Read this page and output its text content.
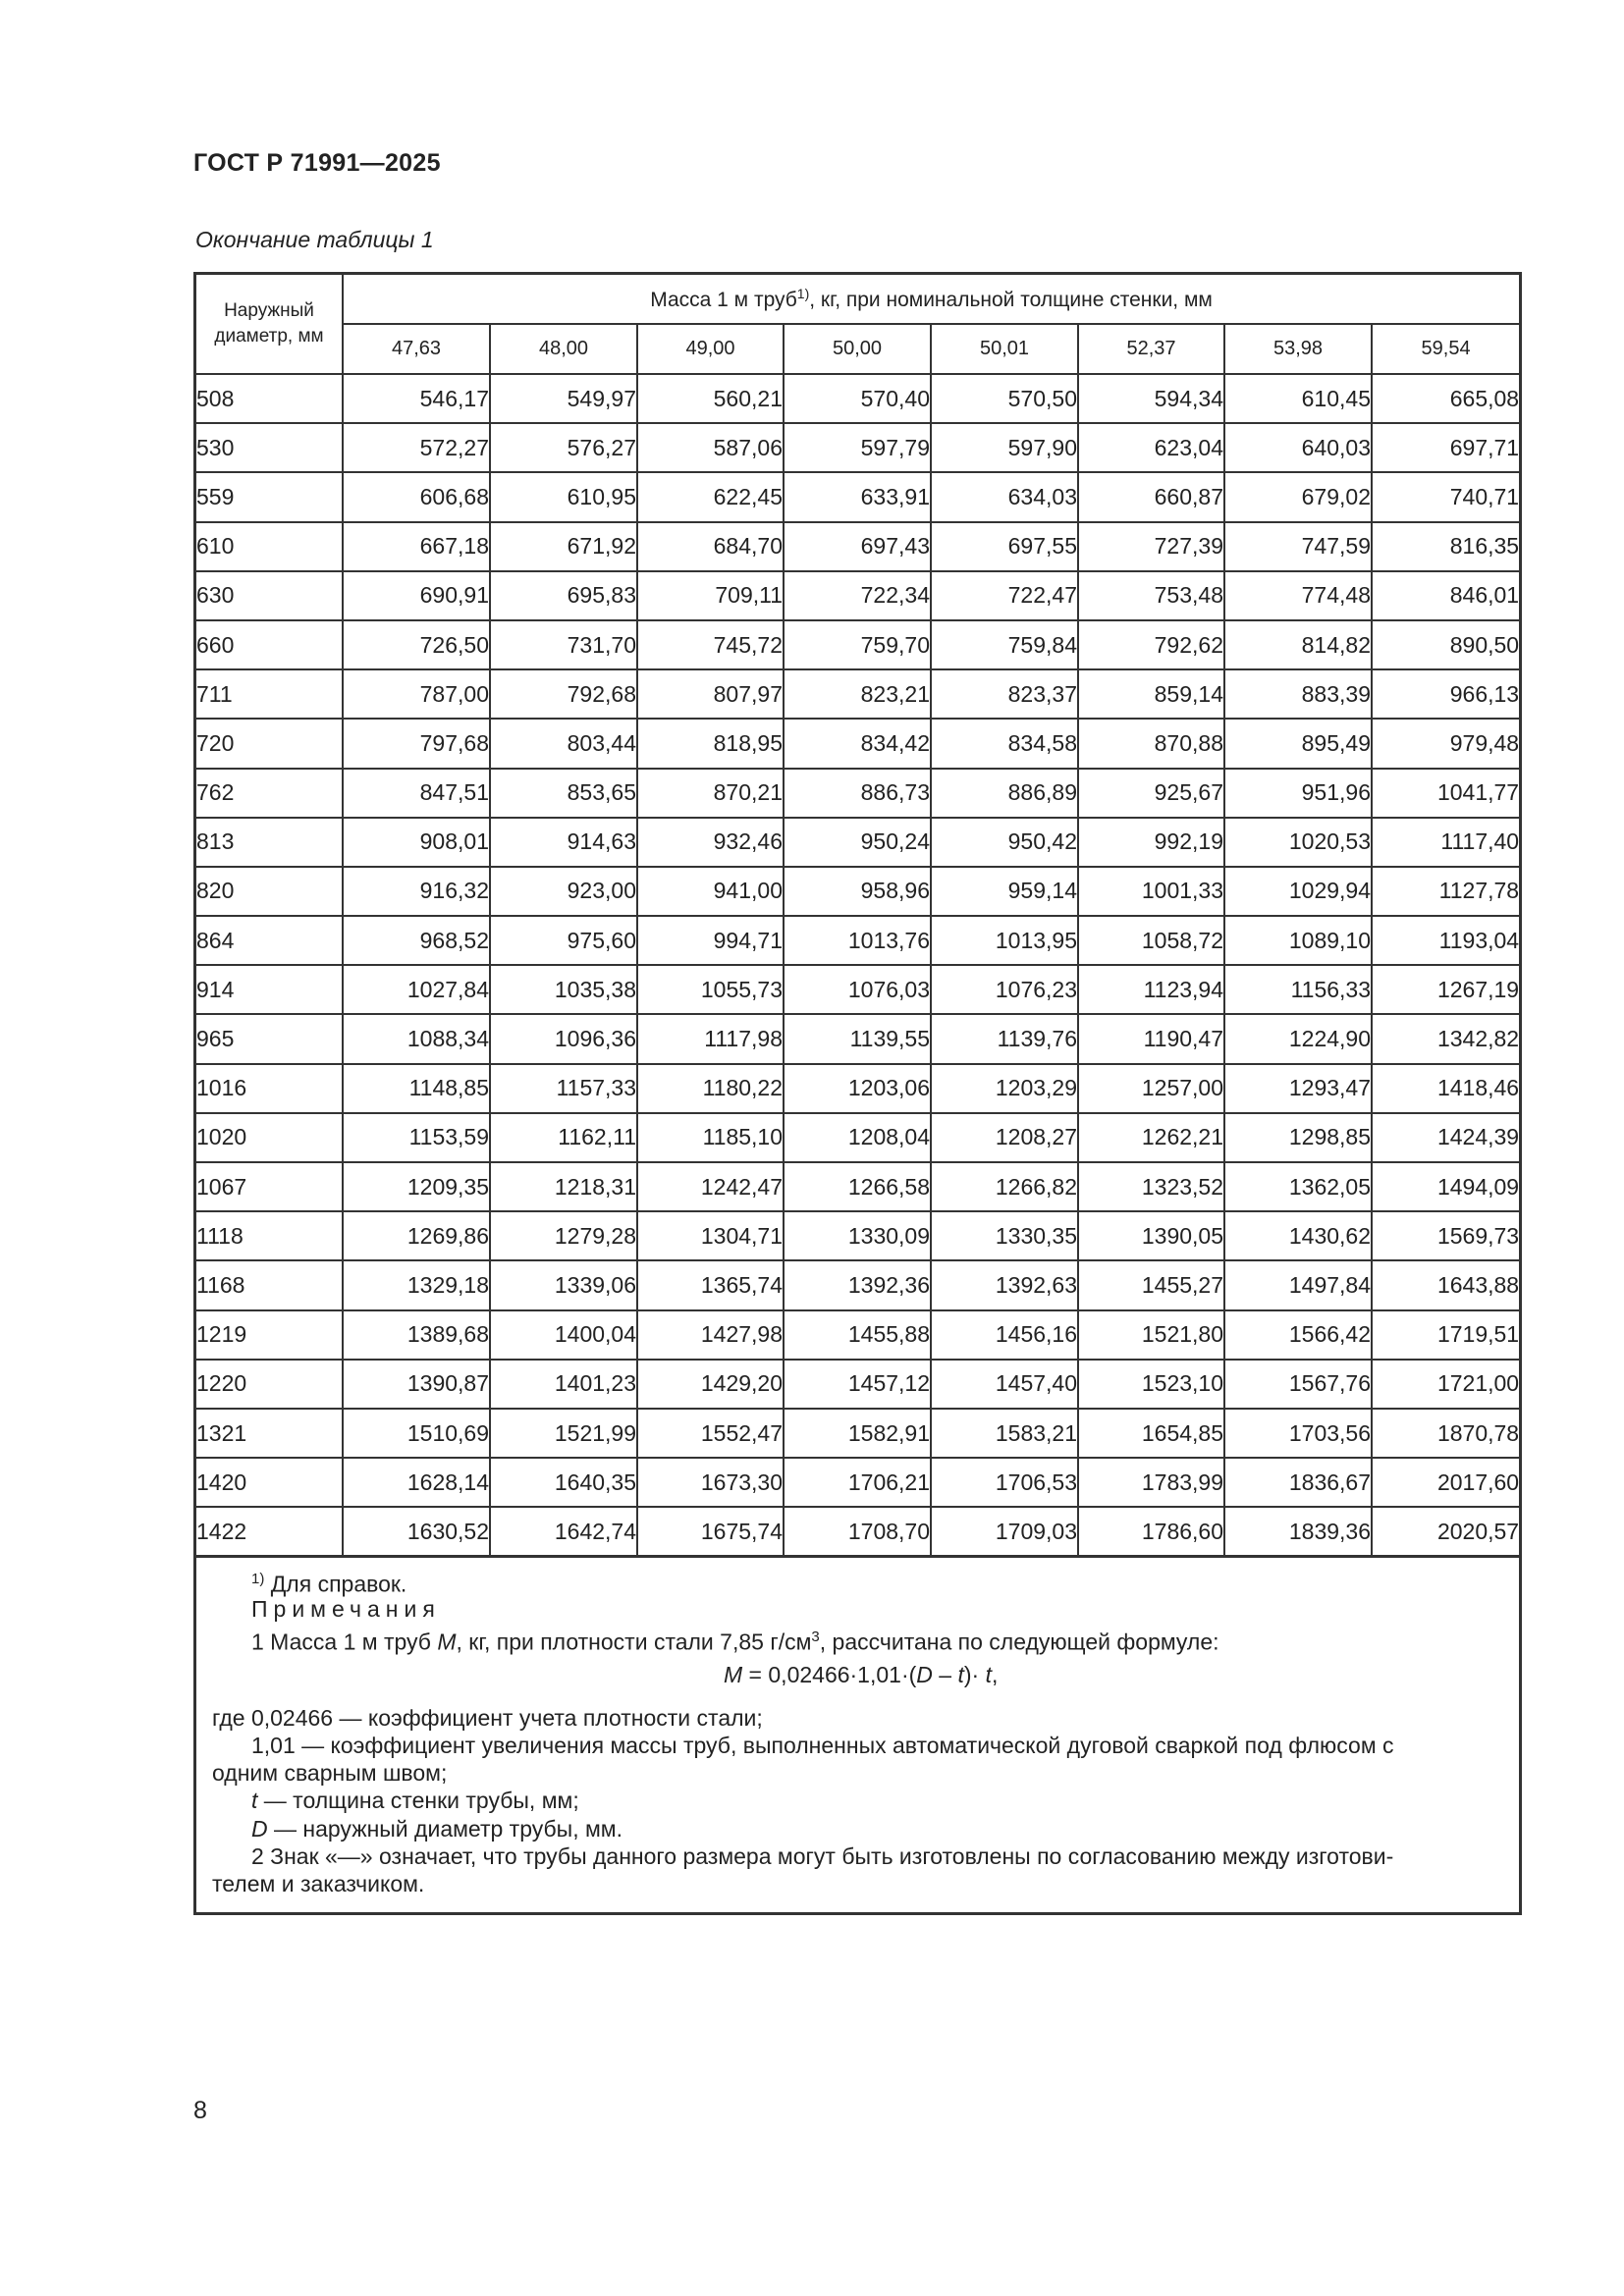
ГОСТ Р 71991—2025
Окончание таблицы 1
Наружный диаметр, мм	Масса 1 м труб$^{1)}$, кг, при номинальной толщине стенки, мм							
	47,63	48,00	49,00	50,00	50,01	52,37	53,98	59,54
508	546,17	549,97	560,21	570,40	570,50	594,34	610,45	665,08
530	572,27	576,27	587,06	597,79	597,90	623,04	640,03	697,71
559	606,68	610,95	622,45	633,91	634,03	660,87	679,02	740,71
610	667,18	671,92	684,70	697,43	697,55	727,39	747,59	816,35
630	690,91	695,83	709,11	722,34	722,47	753,48	774,48	846,01
660	726,50	731,70	745,72	759,70	759,84	792,62	814,82	890,50
711	787,00	792,68	807,97	823,21	823,37	859,14	883,39	966,13
720	797,68	803,44	818,95	834,42	834,58	870,88	895,49	979,48
762	847,51	853,65	870,21	886,73	886,89	925,67	951,96	1041,77
813	908,01	914,63	932,46	950,24	950,42	992,19	1020,53	1117,40
820	916,32	923,00	941,00	958,96	959,14	1001,33	1029,94	1127,78
864	968,52	975,60	994,71	1013,76	1013,95	1058,72	1089,10	1193,04
914	1027,84	1035,38	1055,73	1076,03	1076,23	1123,94	1156,33	1267,19
965	1088,34	1096,36	1117,98	1139,55	1139,76	1190,47	1224,90	1342,82
1016	1148,85	1157,33	1180,22	1203,06	1203,29	1257,00	1293,47	1418,46
1020	1153,59	1162,11	1185,10	1208,04	1208,27	1262,21	1298,85	1424,39
1067	1209,35	1218,31	1242,47	1266,58	1266,82	1323,52	1362,05	1494,09
1118	1269,86	1279,28	1304,71	1330,09	1330,35	1390,05	1430,62	1569,73
1168	1329,18	1339,06	1365,74	1392,36	1392,63	1455,27	1497,84	1643,88
1219	1389,68	1400,04	1427,98	1455,88	1456,16	1521,80	1566,42	1719,51
1220	1390,87	1401,23	1429,20	1457,12	1457,40	1523,10	1567,76	1721,00
1321	1510,69	1521,99	1552,47	1582,91	1583,21	1654,85	1703,56	1870,78
1420	1628,14	1640,35	1673,30	1706,21	1706,53	1783,99	1836,67	2017,60
1422	1630,52	1642,74	1675,74	1708,70	1709,03	1786,60	1839,36	2020,57
$^{1)}$ Для справок.
Примечания
1 Масса 1 м труб M, кг, при плотности стали 7,85 $г/см^3$, рассчитана по следующей формуле:
M = 0,02466·1,01·(D – t)· t,
где 0,02466 — коэффициент учета плотности стали;
1,01 — коэффициент увеличения массы труб, выполненных автоматической дуговой сваркой под флюсом с
одним сварным швом;
t — толщина стенки трубы, мм;
D — наружный диаметр трубы, мм.
2 Знак «—» означает, что трубы данного размера могут быть изготовлены по согласованию между изготови-
телем и заказчиком.
8
